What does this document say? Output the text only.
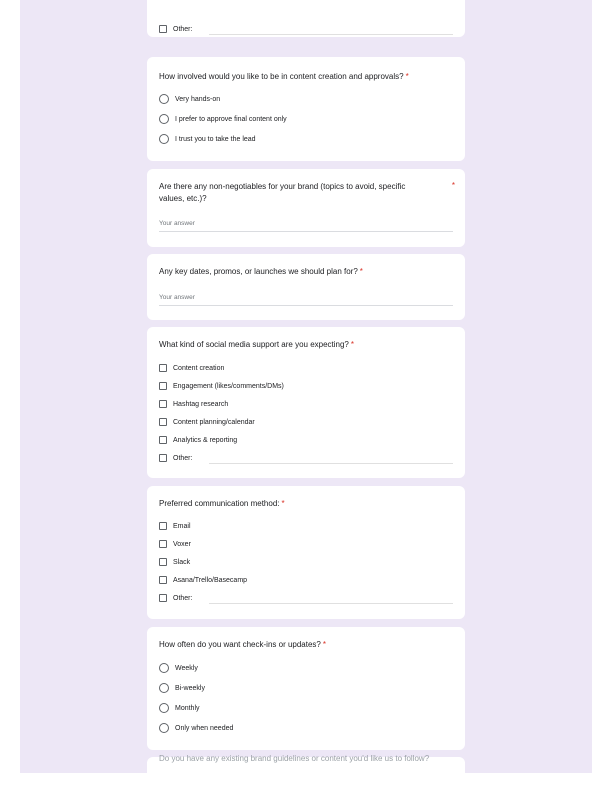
Other:
How involved would you like to be in content creation and approvals? *
Very hands-on
I prefer to approve final content only
I trust you to take the lead
Are there any non-negotiables for your brand (topics to avoid, specific values, etc.)?
*
Your answer
Any key dates, promos, or launches we should plan for? *
Your answer
What kind of social media support are you expecting? *
Content creation
Engagement (likes/comments/DMs)
Hashtag research
Content planning/calendar
Analytics & reporting
Other:
Preferred communication method: *
Email
Voxer
Slack
Asana/Trello/Basecamp
Other:
How often do you want check-ins or updates? *
Weekly
Bi-weekly
Monthly
Only when needed
Do you have any existing brand guidelines or content you'd like us to follow?
